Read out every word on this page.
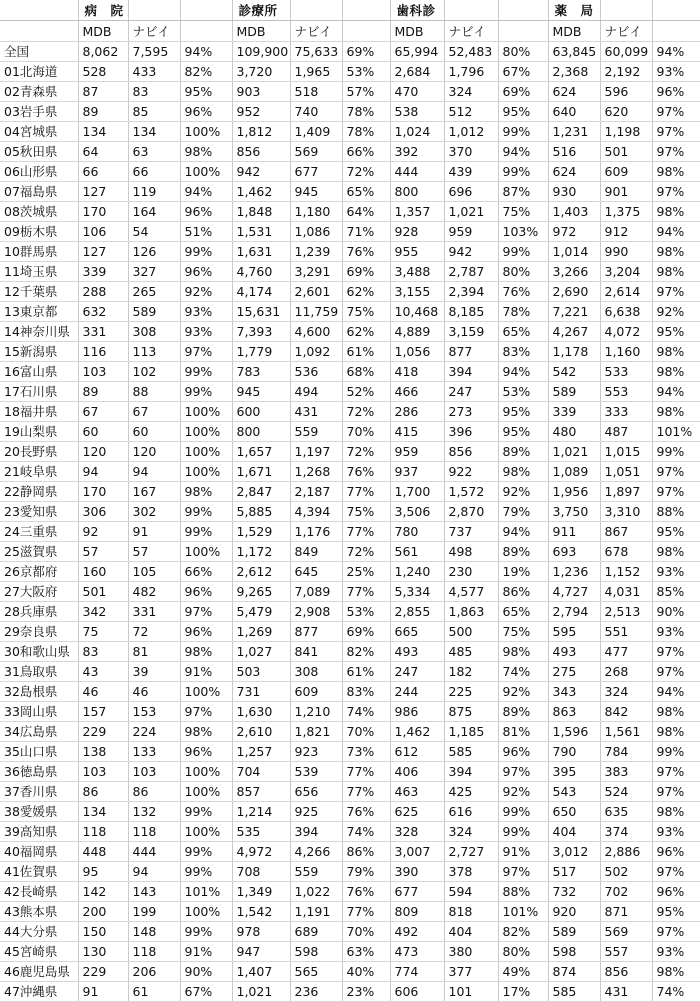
	病　院			診療所			歯科診			薬　局		
	MDB	ナビイ		MDB	ナビイ		MDB	ナビイ		MDB	ナビイ	
全国	8,062	7,595	94%	109,900	75,633	69%	65,994	52,483	80%	63,845	60,099	94%
01北海道	528	433	82%	3,720	1,965	53%	2,684	1,796	67%	2,368	2,192	93%
02青森県	87	83	95%	903	518	57%	470	324	69%	624	596	96%
03岩手県	89	85	96%	952	740	78%	538	512	95%	640	620	97%
04宮城県	134	134	100%	1,812	1,409	78%	1,024	1,012	99%	1,231	1,198	97%
05秋田県	64	63	98%	856	569	66%	392	370	94%	516	501	97%
06山形県	66	66	100%	942	677	72%	444	439	99%	624	609	98%
07福島県	127	119	94%	1,462	945	65%	800	696	87%	930	901	97%
08茨城県	170	164	96%	1,848	1,180	64%	1,357	1,021	75%	1,403	1,375	98%
09栃木県	106	54	51%	1,531	1,086	71%	928	959	103%	972	912	94%
10群馬県	127	126	99%	1,631	1,239	76%	955	942	99%	1,014	990	98%
11埼玉県	339	327	96%	4,760	3,291	69%	3,488	2,787	80%	3,266	3,204	98%
12千葉県	288	265	92%	4,174	2,601	62%	3,155	2,394	76%	2,690	2,614	97%
13東京都	632	589	93%	15,631	11,759	75%	10,468	8,185	78%	7,221	6,638	92%
14神奈川県	331	308	93%	7,393	4,600	62%	4,889	3,159	65%	4,267	4,072	95%
15新潟県	116	113	97%	1,779	1,092	61%	1,056	877	83%	1,178	1,160	98%
16富山県	103	102	99%	783	536	68%	418	394	94%	542	533	98%
17石川県	89	88	99%	945	494	52%	466	247	53%	589	553	94%
18福井県	67	67	100%	600	431	72%	286	273	95%	339	333	98%
19山梨県	60	60	100%	800	559	70%	415	396	95%	480	487	101%
20長野県	120	120	100%	1,657	1,197	72%	959	856	89%	1,021	1,015	99%
21岐阜県	94	94	100%	1,671	1,268	76%	937	922	98%	1,089	1,051	97%
22静岡県	170	167	98%	2,847	2,187	77%	1,700	1,572	92%	1,956	1,897	97%
23愛知県	306	302	99%	5,885	4,394	75%	3,506	2,870	79%	3,750	3,310	88%
24三重県	92	91	99%	1,529	1,176	77%	780	737	94%	911	867	95%
25滋賀県	57	57	100%	1,172	849	72%	561	498	89%	693	678	98%
26京都府	160	105	66%	2,612	645	25%	1,240	230	19%	1,236	1,152	93%
27大阪府	501	482	96%	9,265	7,089	77%	5,334	4,577	86%	4,727	4,031	85%
28兵庫県	342	331	97%	5,479	2,908	53%	2,855	1,863	65%	2,794	2,513	90%
29奈良県	75	72	96%	1,269	877	69%	665	500	75%	595	551	93%
30和歌山県	83	81	98%	1,027	841	82%	493	485	98%	493	477	97%
31鳥取県	43	39	91%	503	308	61%	247	182	74%	275	268	97%
32島根県	46	46	100%	731	609	83%	244	225	92%	343	324	94%
33岡山県	157	153	97%	1,630	1,210	74%	986	875	89%	863	842	98%
34広島県	229	224	98%	2,610	1,821	70%	1,462	1,185	81%	1,596	1,561	98%
35山口県	138	133	96%	1,257	923	73%	612	585	96%	790	784	99%
36徳島県	103	103	100%	704	539	77%	406	394	97%	395	383	97%
37香川県	86	86	100%	857	656	77%	463	425	92%	543	524	97%
38愛媛県	134	132	99%	1,214	925	76%	625	616	99%	650	635	98%
39高知県	118	118	100%	535	394	74%	328	324	99%	404	374	93%
40福岡県	448	444	99%	4,972	4,266	86%	3,007	2,727	91%	3,012	2,886	96%
41佐賀県	95	94	99%	708	559	79%	390	378	97%	517	502	97%
42長崎県	142	143	101%	1,349	1,022	76%	677	594	88%	732	702	96%
43熊本県	200	199	100%	1,542	1,191	77%	809	818	101%	920	871	95%
44大分県	150	148	99%	978	689	70%	492	404	82%	589	569	97%
45宮崎県	130	118	91%	947	598	63%	473	380	80%	598	557	93%
46鹿児島県	229	206	90%	1,407	565	40%	774	377	49%	874	856	98%
47沖縄県	91	61	67%	1,021	236	23%	606	101	17%	585	431	74%
